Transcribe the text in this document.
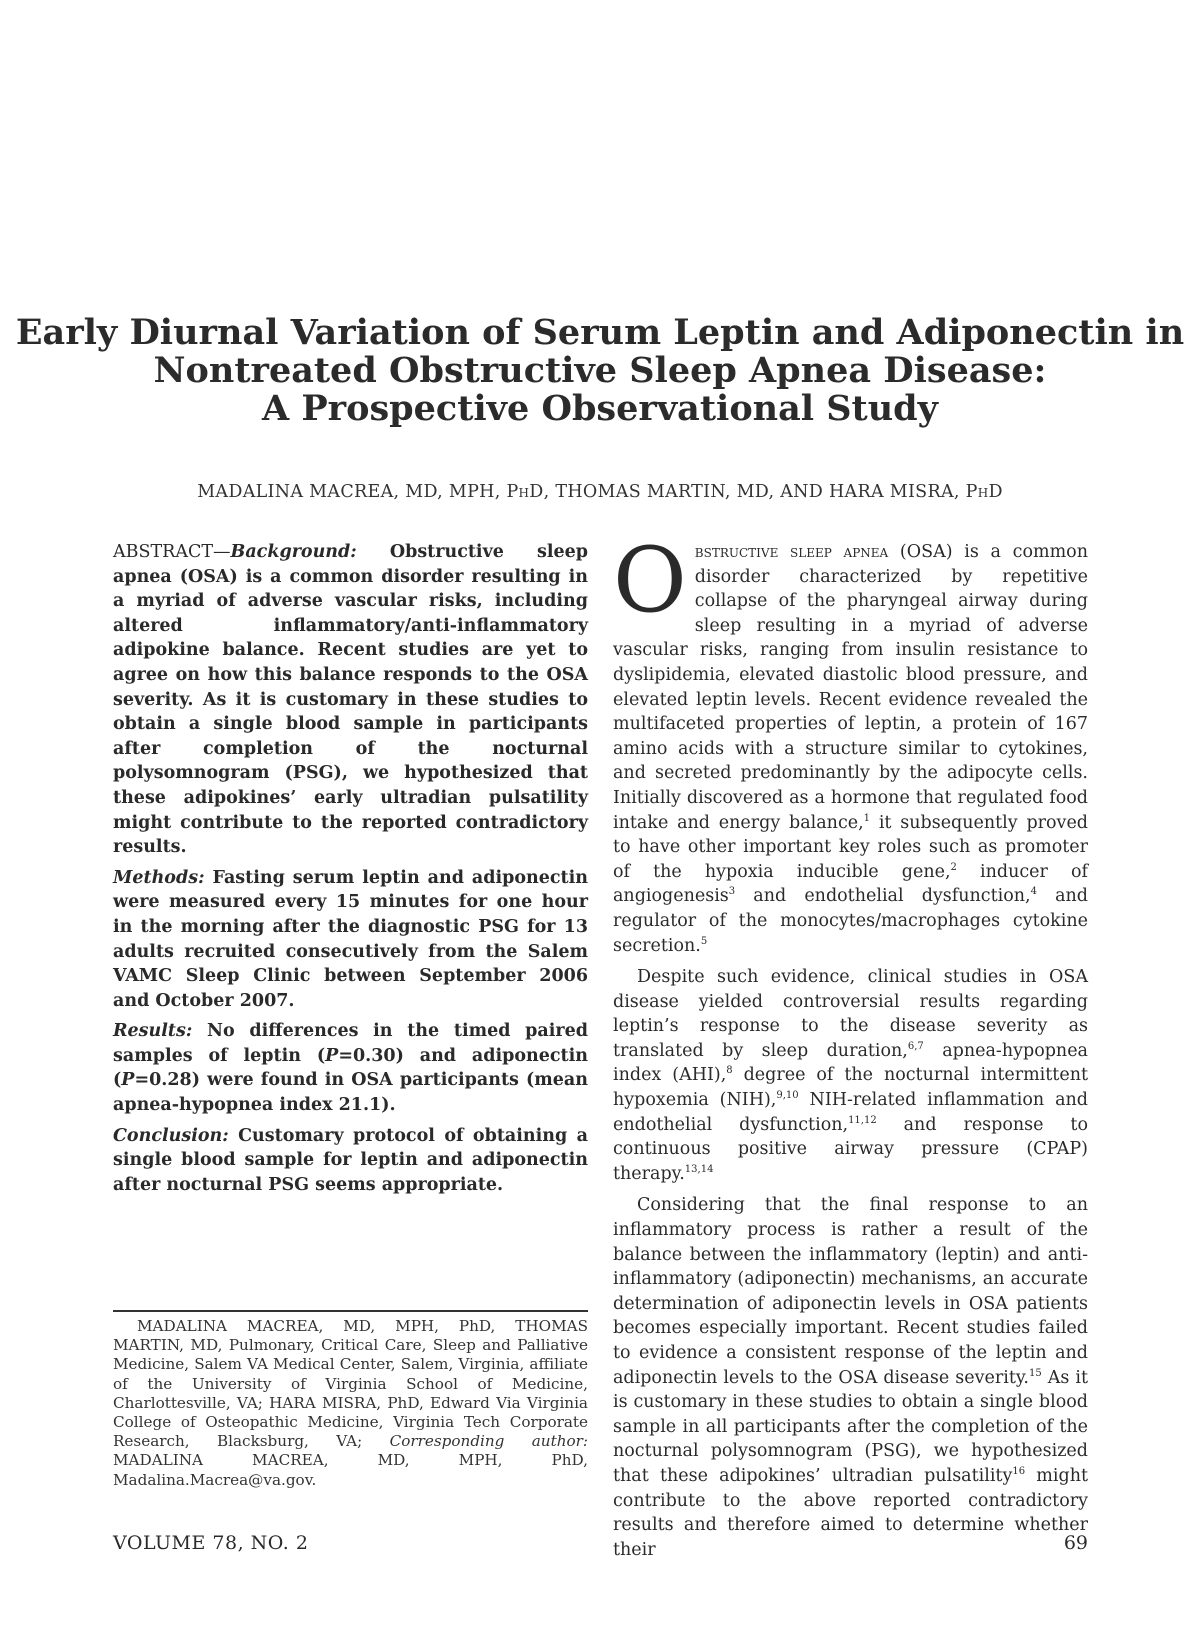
Early Diurnal Variation of Serum Leptin and Adiponectin in
Nontreated Obstructive Sleep Apnea Disease:
A Prospective Observational Study
MADALINA MACREA, MD, MPH, PhD, THOMAS MARTIN, MD, AND HARA MISRA, PhD

ABSTRACT—Background: Obstructive sleep apnea (OSA) is a common disorder resulting in a myriad of adverse vascular risks, including altered inflammatory/anti-inflammatory adipokine balance. Recent studies are yet to agree on how this balance responds to the OSA severity. As it is customary in these studies to obtain a single blood sample in participants after completion of the nocturnal polysomnogram (PSG), we hypothesized that these adipokines’ early ultradian pulsatility might contribute to the reported contradictory results.

Methods: Fasting serum leptin and adiponectin were measured every 15 minutes for one hour in the morning after the diagnostic PSG for 13 adults recruited consecutively from the Salem VAMC Sleep Clinic between September 2006 and October 2007.

Results: No differences in the timed paired samples of leptin (P=0.30) and adiponectin (P=0.28) were found in OSA participants (mean apnea-hypopnea index 21.1).

Conclusion: Customary protocol of obtaining a single blood sample for leptin and adiponectin after nocturnal PSG seems appropriate.

Obstructive sleep apnea (OSA) is a common disorder characterized by repetitive collapse of the pharyngeal airway during sleep resulting in a myriad of adverse vascular risks, ranging from insulin resistance to dyslipidemia, elevated diastolic blood pressure, and elevated leptin levels. Recent evidence revealed the multifaceted properties of leptin, a protein of 167 amino acids with a structure similar to cytokines, and secreted predominantly by the adipocyte cells. Initially discovered as a hormone that regulated food intake and energy balance,$^1$ it subsequently proved to have other important key roles such as promoter of the hypoxia inducible gene,$^2$ inducer of angiogenesis$^3$ and endothelial dysfunction,$^4$ and regulator of the monocytes/macrophages cytokine secretion.$^5$

Despite such evidence, clinical studies in OSA disease yielded controversial results regarding leptin’s response to the disease severity as translated by sleep duration,$^{6,7}$ apnea-hypopnea index (AHI),$^8$ degree of the nocturnal intermittent hypoxemia (NIH),$^{9,10}$ NIH-related inflammation and endothelial dysfunction,$^{11,12}$ and response to continuous positive airway pressure (CPAP) therapy.$^{13,14}$

Considering that the final response to an inflammatory process is rather a result of the balance between the inflammatory (leptin) and anti-inflammatory (adiponectin) mechanisms, an accurate determination of adiponectin levels in OSA patients becomes especially important. Recent studies failed to evidence a consistent response of the leptin and adiponectin levels to the OSA disease severity.$^{15}$ As it is customary in these studies to obtain a single blood sample in all participants after the completion of the nocturnal polysomnogram (PSG), we hypothesized that these adipokines’ ultradian pulsatility$^{16}$ might contribute to the above reported contradictory results and therefore aimed to determine whether their

MADALINA MACREA, MD, MPH, PhD, THOMAS MARTIN, MD, Pulmonary, Critical Care, Sleep and Palliative Medicine, Salem VA Medical Center, Salem, Virginia, affiliate of the University of Virginia School of Medicine, Charlottesville, VA; HARA MISRA, PhD, Edward Via Virginia College of Osteopathic Medicine, Virginia Tech Corporate Research, Blacksburg, VA; Corresponding author: MADALINA MACREA, MD, MPH, PhD, Madalina.Macrea@va.gov.

VOLUME 78, NO. 2	69
